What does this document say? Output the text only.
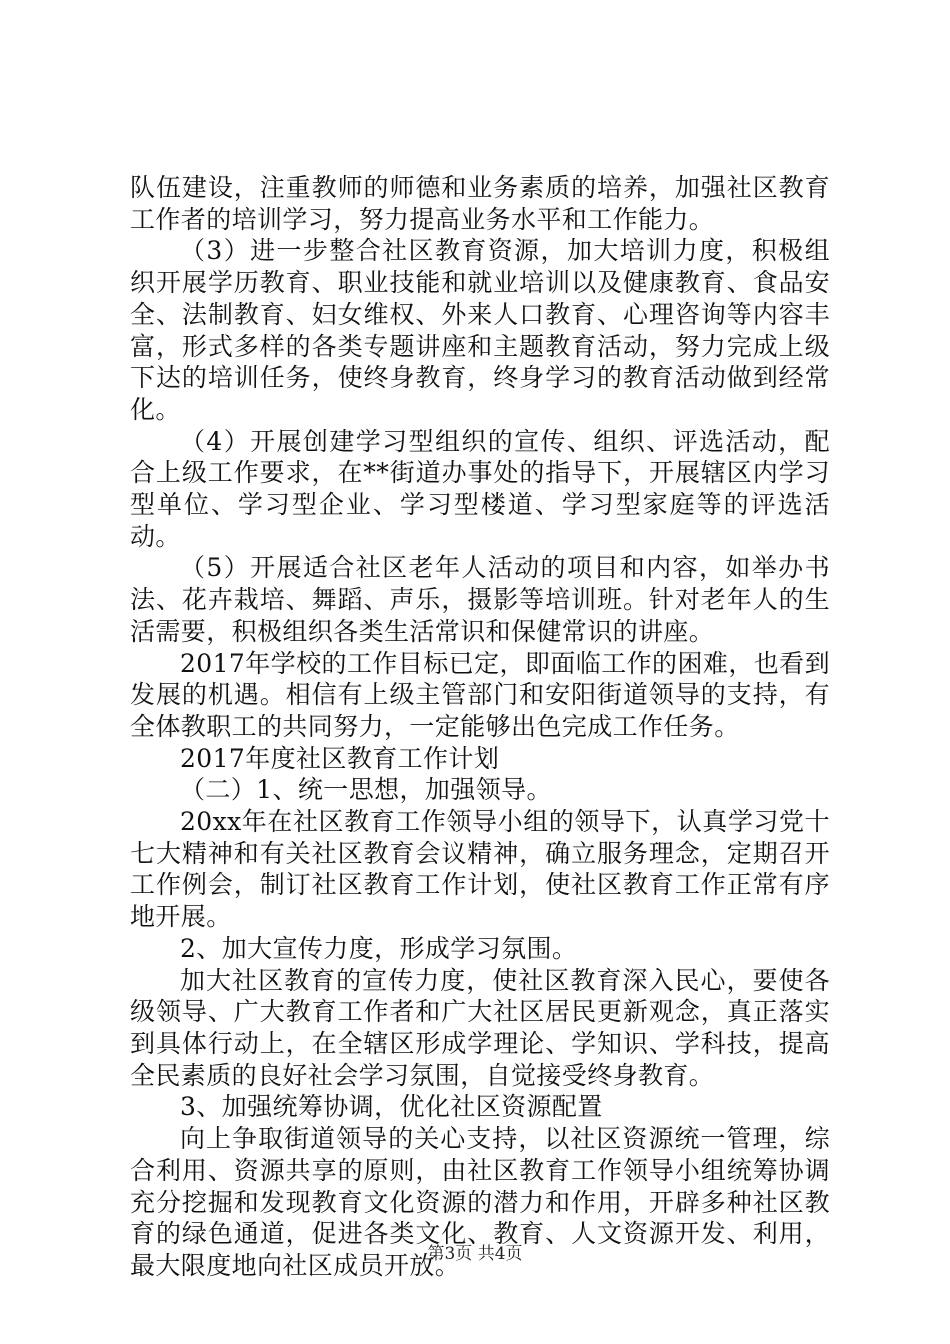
队伍建设，注重教师的师德和业务素质的培养，加强社区教育工作者的培训学习，努力提高业务水平和工作能力。

（3）进一步整合社区教育资源，加大培训力度，积极组织开展学历教育、职业技能和就业培训以及健康教育、食品安全、法制教育、妇女维权、外来人口教育、心理咨询等内容丰富，形式多样的各类专题讲座和主题教育活动，努力完成上级下达的培训任务，使终身教育，终身学习的教育活动做到经常化。

（4）开展创建学习型组织的宣传、组织、评选活动，配合上级工作要求，在**街道办事处的指导下，开展辖区内学习型单位、学习型企业、学习型楼道、学习型家庭等的评选活动。

（5）开展适合社区老年人活动的项目和内容，如举办书法、花卉栽培、舞蹈、声乐，摄影等培训班。针对老年人的生活需要，积极组织各类生活常识和保健常识的讲座。

2017年学校的工作目标已定，即面临工作的困难，也看到发展的机遇。相信有上级主管部门和安阳街道领导的支持，有全体教职工的共同努力，一定能够出色完成工作任务。

2017年度社区教育工作计划

（二）1、统一思想，加强领导。

20xx年在社区教育工作领导小组的领导下，认真学习党十七大精神和有关社区教育会议精神，确立服务理念，定期召开工作例会，制订社区教育工作计划，使社区教育工作正常有序地开展。

2、加大宣传力度，形成学习氛围。

加大社区教育的宣传力度，使社区教育深入民心，要使各级领导、广大教育工作者和广大社区居民更新观念，真正落实到具体行动上，在全辖区形成学理论、学知识、学科技，提高全民素质的良好社会学习氛围，自觉接受终身教育。

3、加强统筹协调，优化社区资源配置

向上争取街道领导的关心支持，以社区资源统一管理，综合利用、资源共享的原则，由社区教育工作领导小组统筹协调充分挖掘和发现教育文化资源的潜力和作用，开辟多种社区教育的绿色通道，促进各类文化、教育、人文资源开发、利用，最大限度地向社区成员开放。

第3页 共4页
